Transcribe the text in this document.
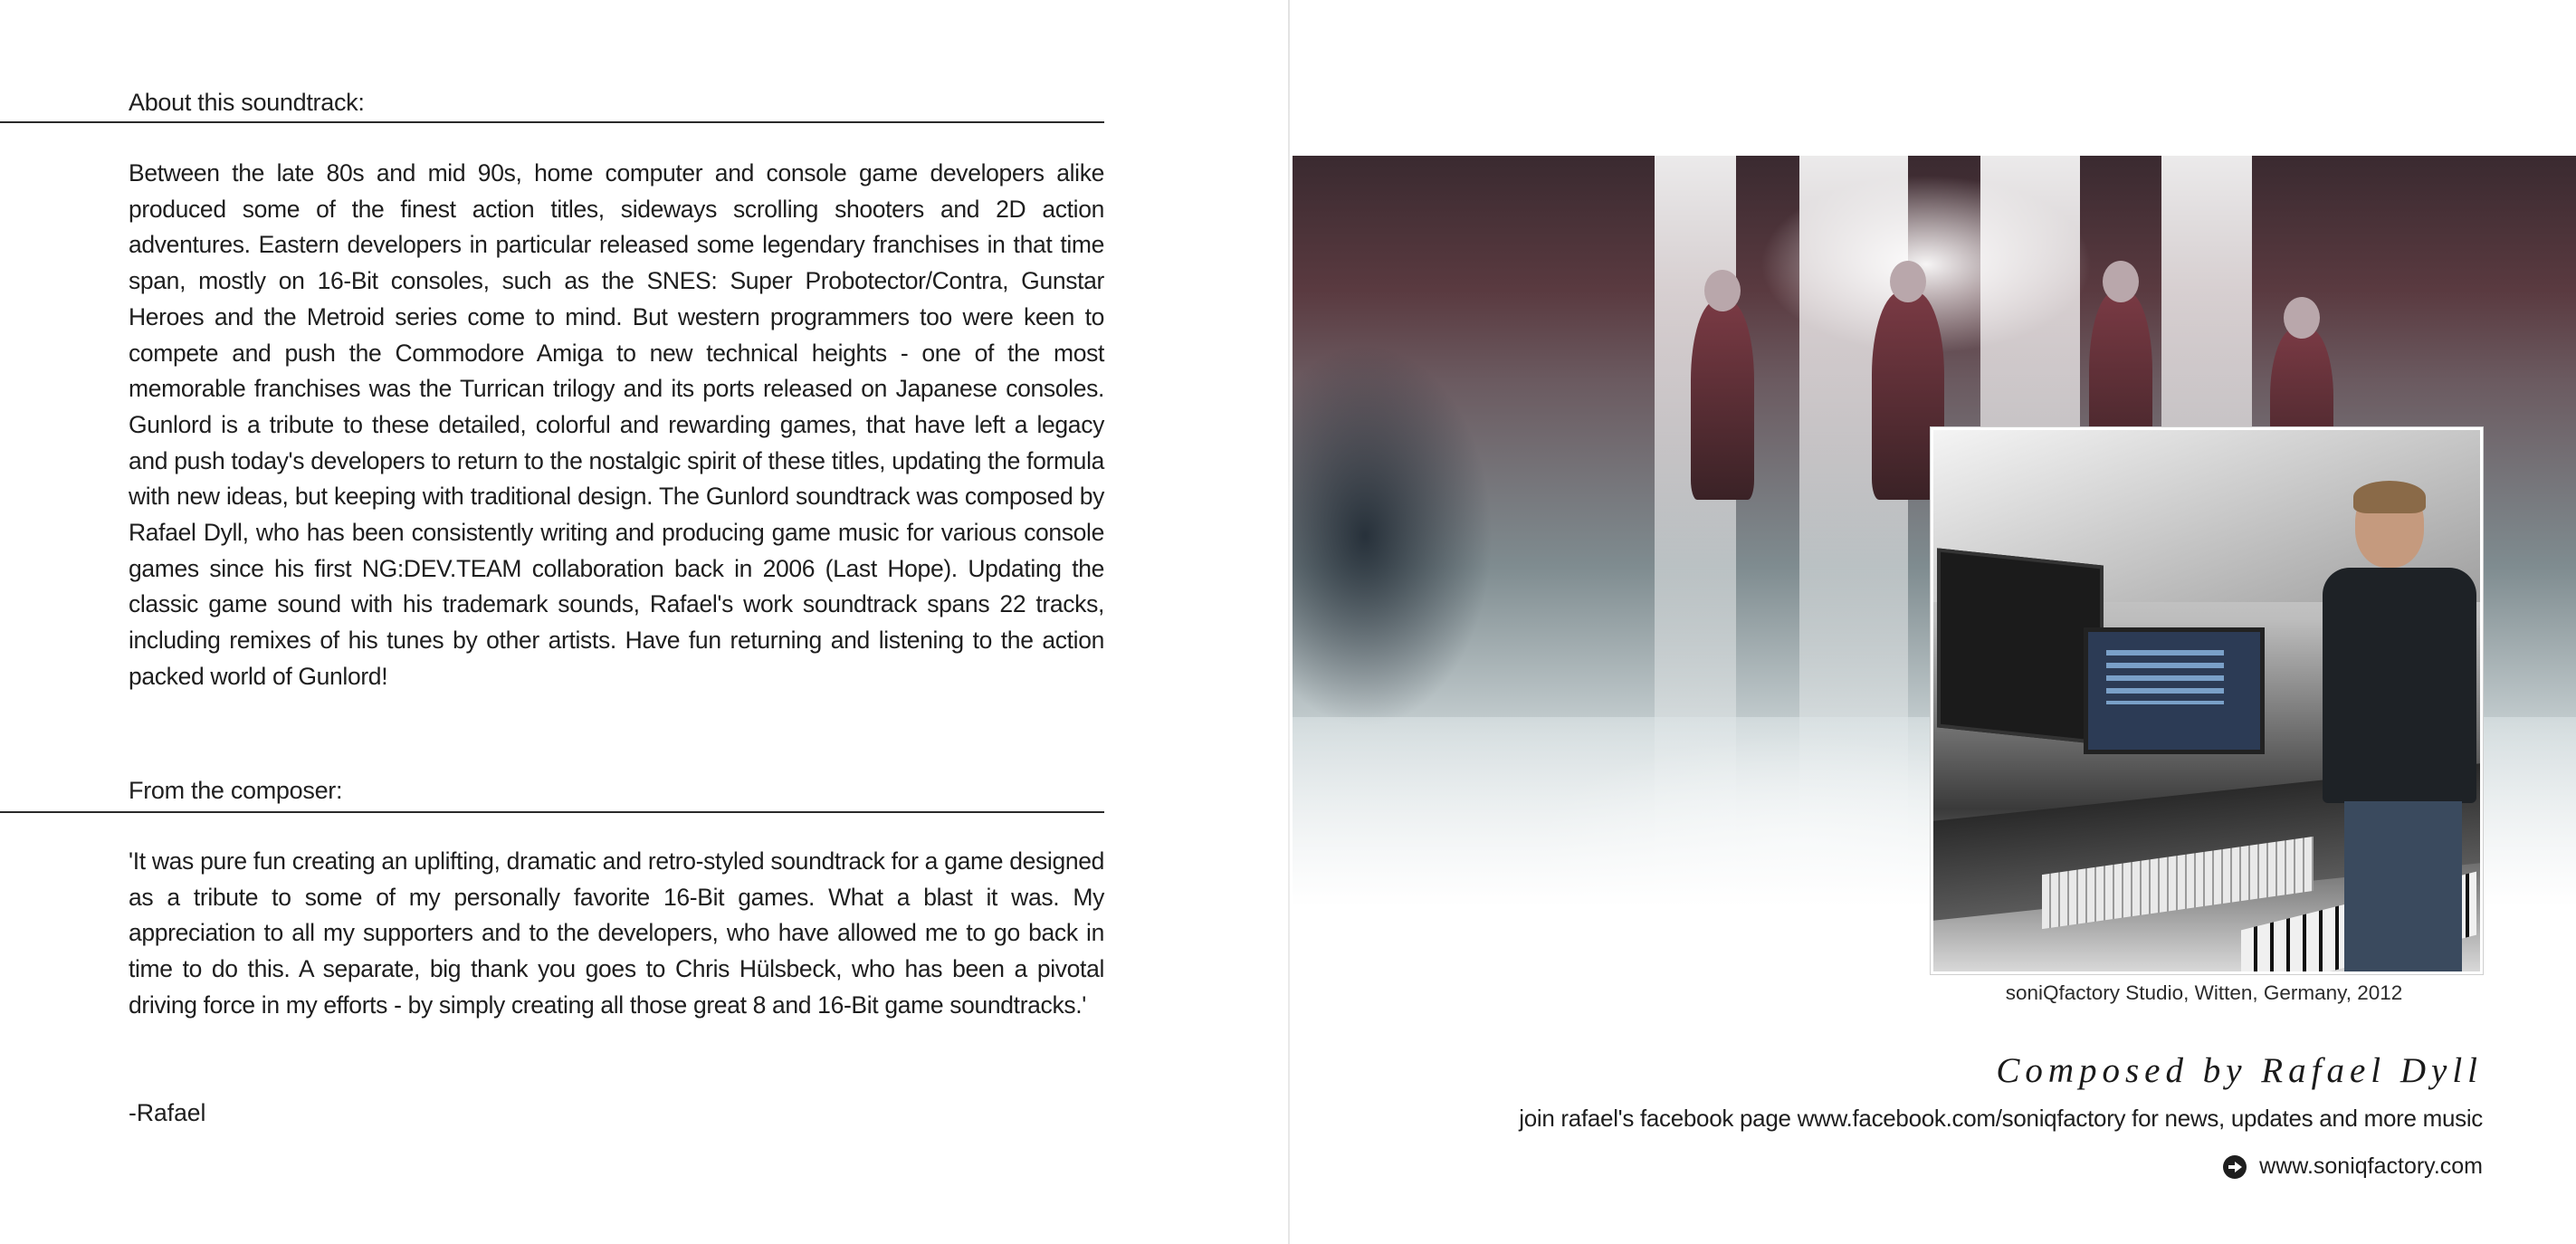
About this soundtrack:
Between the late 80s and mid 90s, home computer and console game developers alike produced some of the finest action titles, sideways scrolling shooters and 2D action adventures. Eastern developers in particular released some legendary franchises in that time span, mostly on 16-Bit consoles, such as the SNES: Super Probotector/Contra, Gunstar Heroes and the Metroid series come to mind. But western programmers too were keen to compete and push the Commodore Amiga to new technical heights - one of the most memorable franchises was the Turrican trilogy and its ports released on Japanese consoles. Gunlord is a tribute to these detailed, colorful and rewarding games, that have left a legacy and push today's developers to return to the nostalgic spirit of these titles, updating the formula with new ideas, but keeping with traditional design. The Gunlord soundtrack was composed by Rafael Dyll, who has been consistently writing and producing game music for various console games since his first NG:DEV.TEAM collaboration back in 2006 (Last Hope). Updating the classic game sound with his trademark sounds, Rafael's work soundtrack spans 22 tracks, including remixes of his tunes by other artists. Have fun returning and listening to the action packed world of Gunlord!
From the composer:
'It was pure fun creating an uplifting, dramatic and retro-styled soundtrack for a game designed as a tribute to some of my personally favorite 16-Bit games. What a blast it was. My appreciation to all my supporters and to the developers, who have allowed me to go back in time to do this. A separate, big thank you goes to Chris Hülsbeck, who has been a pivotal driving force in my efforts - by simply creating all those great 8 and 16-Bit game soundtracks.'
-Rafael
soniQfactory Studio, Witten, Germany, 2012
Composed by Rafael Dyll
join rafael's facebook page www.facebook.com/soniqfactory for news, updates and more music
www.soniqfactory.com
